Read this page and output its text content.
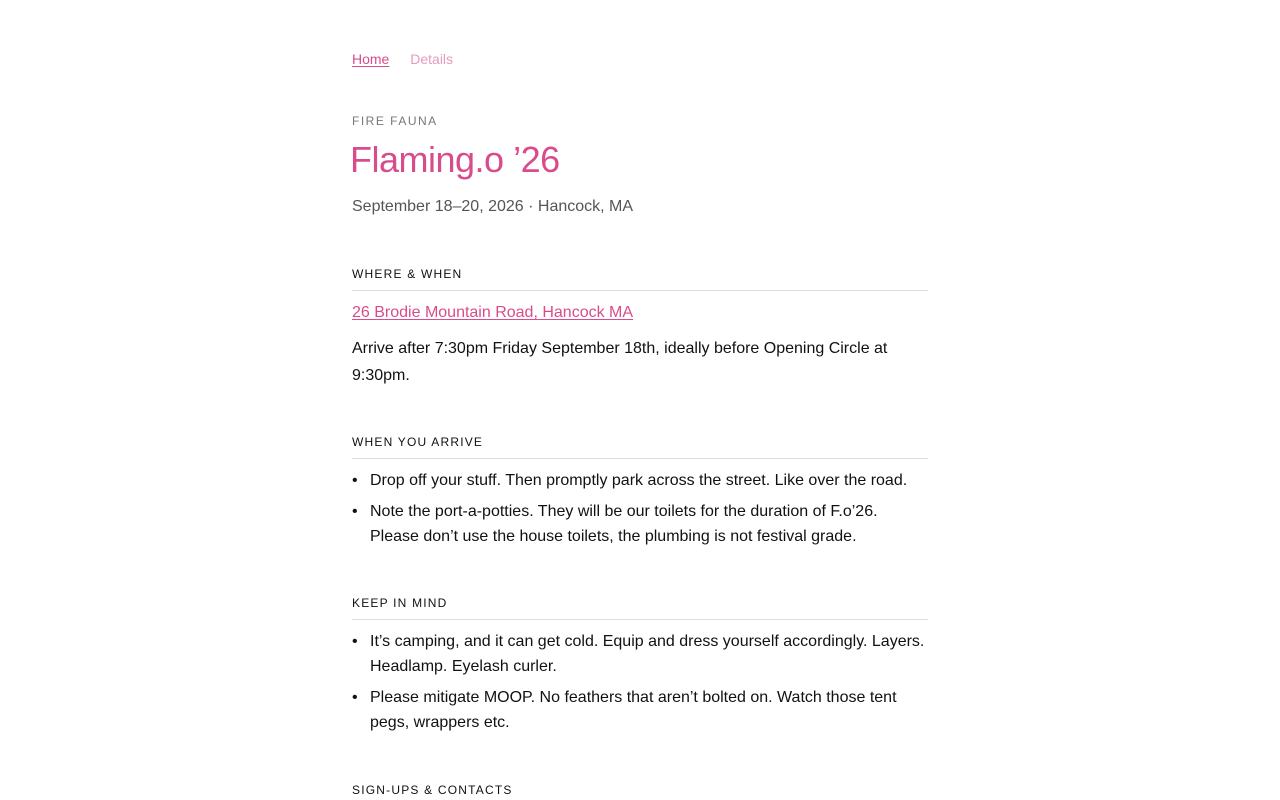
Home Details
FIRE FAUNA
Flaming.o ’26
September 18–20, 2026 · Hancock, MA
WHERE & WHEN
26 Brodie Mountain Road, Hancock MA

Arrive after 7:30pm Friday September 18th, ideally before Opening Circle at 9:30pm.

WHEN YOU ARRIVE
• Drop off your stuff. Then promptly park across the street. Like over the road.
• Note the port-a-potties. They will be our toilets for the duration of F.o’26. Please don’t use the house toilets, the plumbing is not festival grade.
KEEP IN MIND
• It’s camping, and it can get cold. Equip and dress yourself accordingly. Layers. Headlamp. Eyelash curler.
• Please mitigate MOOP. No feathers that aren’t bolted on. Watch those tent pegs, wrappers etc.
SIGN-UPS & CONTACTS
